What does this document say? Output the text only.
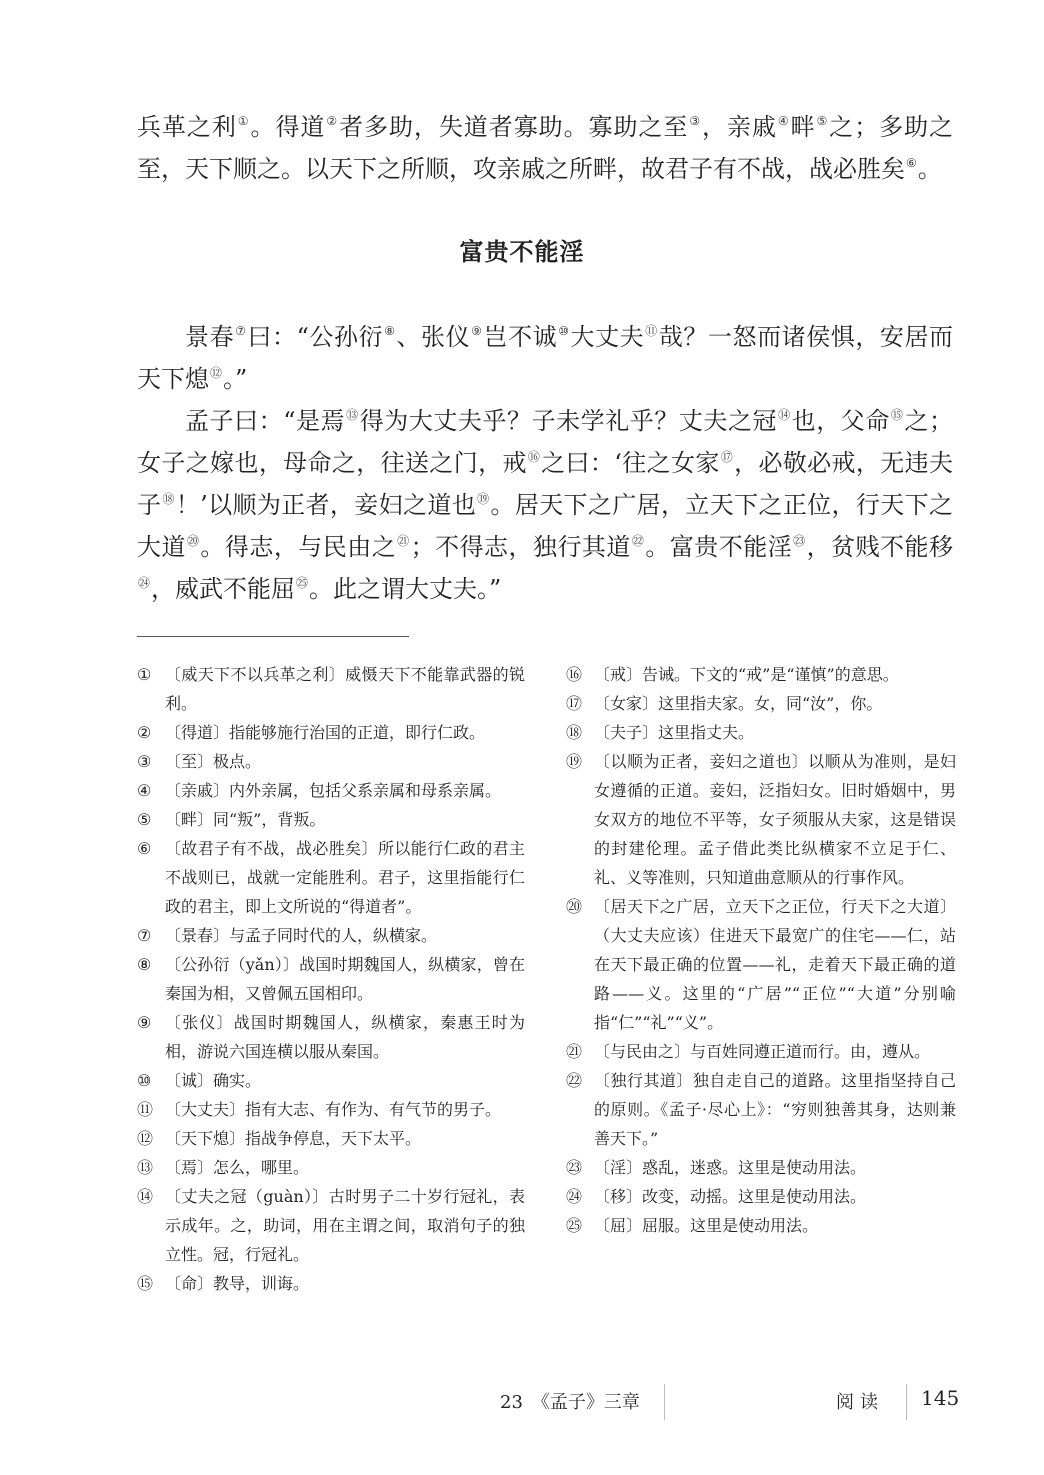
兵革之利①。得道②者多助，失道者寡助。寡助之至③，亲戚④畔⑤之；多助之至，天下顺之。以天下之所顺，攻亲戚之所畔，故君子有不战，战必胜矣⑥。

富贵不能淫

景春⑦曰：“公孙衍⑧、张仪⑨岂不诚⑩大丈夫⑪哉？一怒而诸侯惧，安居而天下熄⑫。”

孟子曰：“是焉⑬得为大丈夫乎？子未学礼乎？丈夫之冠⑭也，父命⑮之；女子之嫁也，母命之，往送之门，戒⑯之曰：‘往之女家⑰，必敬必戒，无违夫子⑱！’以顺为正者，妾妇之道也⑲。居天下之广居，立天下之正位，行天下之大道⑳。得志，与民由之$^㉑$；不得志，独行其道$^㉒$。富贵不能淫$^㉓$，贫贱不能移$^㉔$，威武不能屈$^㉕$。此之谓大丈夫。”

① 〔威天下不以兵革之利〕威慑天下不能靠武器的锐利。
② 〔得道〕指能够施行治国的正道，即行仁政。
③ 〔至〕极点。
④ 〔亲戚〕内外亲属，包括父系亲属和母系亲属。
⑤ 〔畔〕同“叛”，背叛。
⑥ 〔故君子有不战，战必胜矣〕所以能行仁政的君主不战则已，战就一定能胜利。君子，这里指能行仁政的君主，即上文所说的“得道者”。
⑦ 〔景春〕与孟子同时代的人，纵横家。
⑧ 〔公孙衍（yǎn）〕战国时期魏国人，纵横家，曾在秦国为相，又曾佩五国相印。
⑨ 〔张仪〕战国时期魏国人，纵横家，秦惠王时为相，游说六国连横以服从秦国。
⑩ 〔诚〕确实。
⑪ 〔大丈夫〕指有大志、有作为、有气节的男子。
⑫ 〔天下熄〕指战争停息，天下太平。
⑬ 〔焉〕怎么，哪里。
⑭ 〔丈夫之冠（guàn）〕古时男子二十岁行冠礼，表示成年。之，助词，用在主谓之间，取消句子的独立性。冠，行冠礼。
⑮ 〔命〕教导，训诲。
⑯ 〔戒〕告诫。下文的“戒”是“谨慎”的意思。
⑰ 〔女家〕这里指夫家。女，同“汝”，你。
⑱ 〔夫子〕这里指丈夫。
⑲ 〔以顺为正者，妾妇之道也〕以顺从为准则，是妇女遵循的正道。妾妇，泛指妇女。旧时婚姻中，男女双方的地位不平等，女子须服从夫家，这是错误的封建伦理。孟子借此类比纵横家不立足于仁、礼、义等准则，只知道曲意顺从的行事作风。
⑳ 〔居天下之广居，立天下之正位，行天下之大道〕（大丈夫应该）住进天下最宽广的住宅——仁，站在天下最正确的位置——礼，走着天下最正确的道路——义。这里的“广居”“正位”“大道”分别喻指“仁”“礼”“义”。
㉑ 〔与民由之〕与百姓同遵正道而行。由，遵从。
㉒ 〔独行其道〕独自走自己的道路。这里指坚持自己的原则。《孟子·尽心上》：“穷则独善其身，达则兼善天下。”
㉓ 〔淫〕惑乱，迷惑。这里是使动用法。
㉔ 〔移〕改变，动摇。这里是使动用法。
㉕ 〔屈〕屈服。这里是使动用法。
23　《孟子》三章	阅读 145
